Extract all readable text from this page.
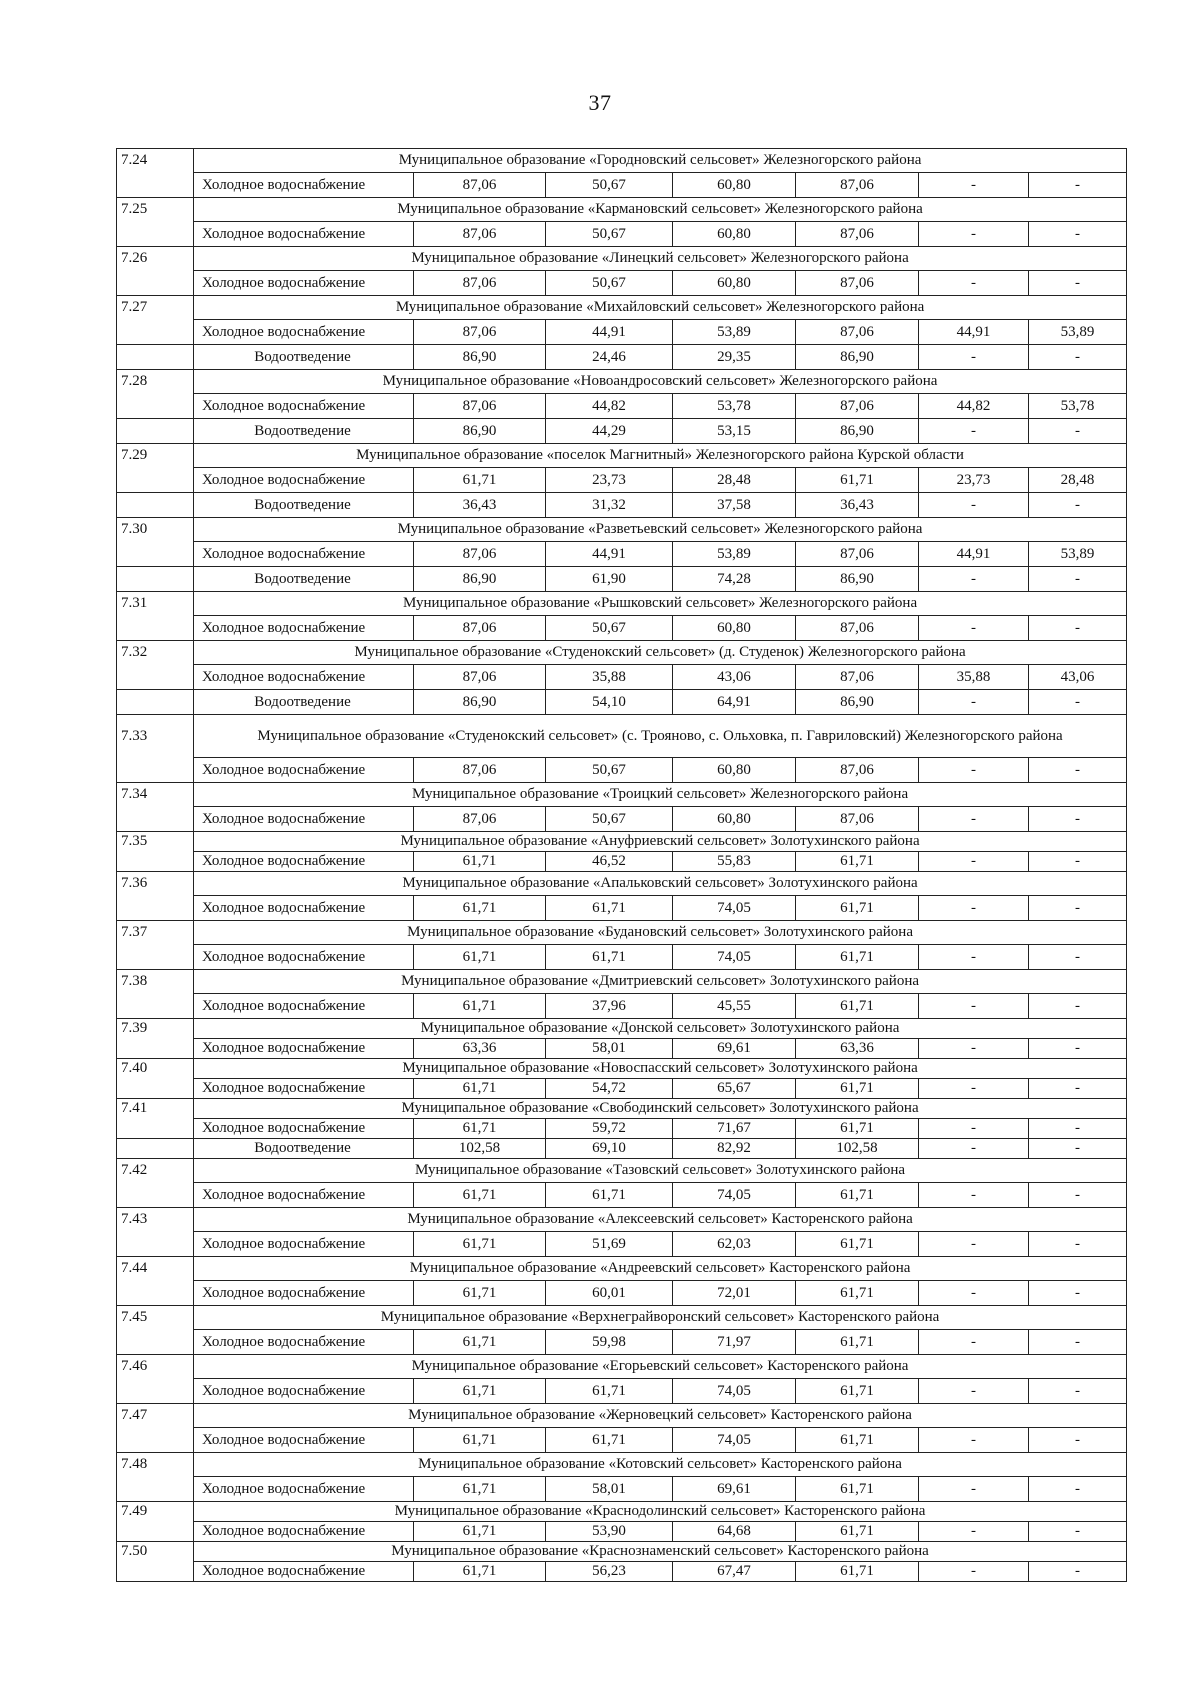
37
7.24	Муниципальное образование «Городновский сельсовет» Железногорского района						
	Холодное водоснабжение	87,06	50,67	60,80	87,06	-	-
7.25	Муниципальное образование «Кармановский сельсовет» Железногорского района						
	Холодное водоснабжение	87,06	50,67	60,80	87,06	-	-
7.26	Муниципальное образование «Линецкий сельсовет» Железногорского района						
	Холодное водоснабжение	87,06	50,67	60,80	87,06	-	-
7.27	Муниципальное образование «Михайловский сельсовет» Железногорского района						
	Холодное водоснабжение	87,06	44,91	53,89	87,06	44,91	53,89
	Водоотведение	86,90	24,46	29,35	86,90	-	-
7.28	Муниципальное образование «Новоандросовский сельсовет» Железногорского района						
	Холодное водоснабжение	87,06	44,82	53,78	87,06	44,82	53,78
	Водоотведение	86,90	44,29	53,15	86,90	-	-
7.29	Муниципальное образование «поселок Магнитный» Железногорского района Курской области						
	Холодное водоснабжение	61,71	23,73	28,48	61,71	23,73	28,48
	Водоотведение	36,43	31,32	37,58	36,43	-	-
7.30	Муниципальное образование «Разветьевский сельсовет» Железногорского района						
	Холодное водоснабжение	87,06	44,91	53,89	87,06	44,91	53,89
	Водоотведение	86,90	61,90	74,28	86,90	-	-
7.31	Муниципальное образование «Рышковский сельсовет» Железногорского района						
	Холодное водоснабжение	87,06	50,67	60,80	87,06	-	-
7.32	Муниципальное образование «Студенокский сельсовет» (д. Студенок) Железногорского района						
	Холодное водоснабжение	87,06	35,88	43,06	87,06	35,88	43,06
	Водоотведение	86,90	54,10	64,91	86,90	-	-
7.33	Муниципальное образование «Студенокский сельсовет» (с. Трояново, с. Ольховка, п. Гавриловский) Железногорского района						
	Холодное водоснабжение	87,06	50,67	60,80	87,06	-	-
7.34	Муниципальное образование «Троицкий сельсовет» Железногорского района						
	Холодное водоснабжение	87,06	50,67	60,80	87,06	-	-
7.35	Муниципальное образование «Ануфриевский сельсовет» Золотухинского района						
	Холодное водоснабжение	61,71	46,52	55,83	61,71	-	-
7.36	Муниципальное образование «Апальковский сельсовет» Золотухинского района						
	Холодное водоснабжение	61,71	61,71	74,05	61,71	-	-
7.37	Муниципальное образование «Будановский сельсовет» Золотухинского района						
	Холодное водоснабжение	61,71	61,71	74,05	61,71	-	-
7.38	Муниципальное образование «Дмитриевский сельсовет» Золотухинского района						
	Холодное водоснабжение	61,71	37,96	45,55	61,71	-	-
7.39	Муниципальное образование «Донской сельсовет» Золотухинского района						
	Холодное водоснабжение	63,36	58,01	69,61	63,36	-	-
7.40	Муниципальное образование «Новоспасский сельсовет» Золотухинского района						
	Холодное водоснабжение	61,71	54,72	65,67	61,71	-	-
7.41	Муниципальное образование «Свободинский сельсовет» Золотухинского района						
	Холодное водоснабжение	61,71	59,72	71,67	61,71	-	-
	Водоотведение	102,58	69,10	82,92	102,58	-	-
7.42	Муниципальное образование «Тазовский сельсовет» Золотухинского района						
	Холодное водоснабжение	61,71	61,71	74,05	61,71	-	-
7.43	Муниципальное образование «Алексеевский сельсовет» Касторенского района						
	Холодное водоснабжение	61,71	51,69	62,03	61,71	-	-
7.44	Муниципальное образование «Андреевский сельсовет» Касторенского района						
	Холодное водоснабжение	61,71	60,01	72,01	61,71	-	-
7.45	Муниципальное образование «Верхнеграйворонский сельсовет» Касторенского района						
	Холодное водоснабжение	61,71	59,98	71,97	61,71	-	-
7.46	Муниципальное образование «Егорьевский сельсовет» Касторенского района						
	Холодное водоснабжение	61,71	61,71	74,05	61,71	-	-
7.47	Муниципальное образование «Жерновецкий сельсовет» Касторенского района						
	Холодное водоснабжение	61,71	61,71	74,05	61,71	-	-
7.48	Муниципальное образование «Котовский сельсовет» Касторенского района						
	Холодное водоснабжение	61,71	58,01	69,61	61,71	-	-
7.49	Муниципальное образование «Краснодолинский сельсовет» Касторенского района						
	Холодное водоснабжение	61,71	53,90	64,68	61,71	-	-
7.50	Муниципальное образование «Краснознаменский сельсовет» Касторенского района						
	Холодное водоснабжение	61,71	56,23	67,47	61,71	-	-
